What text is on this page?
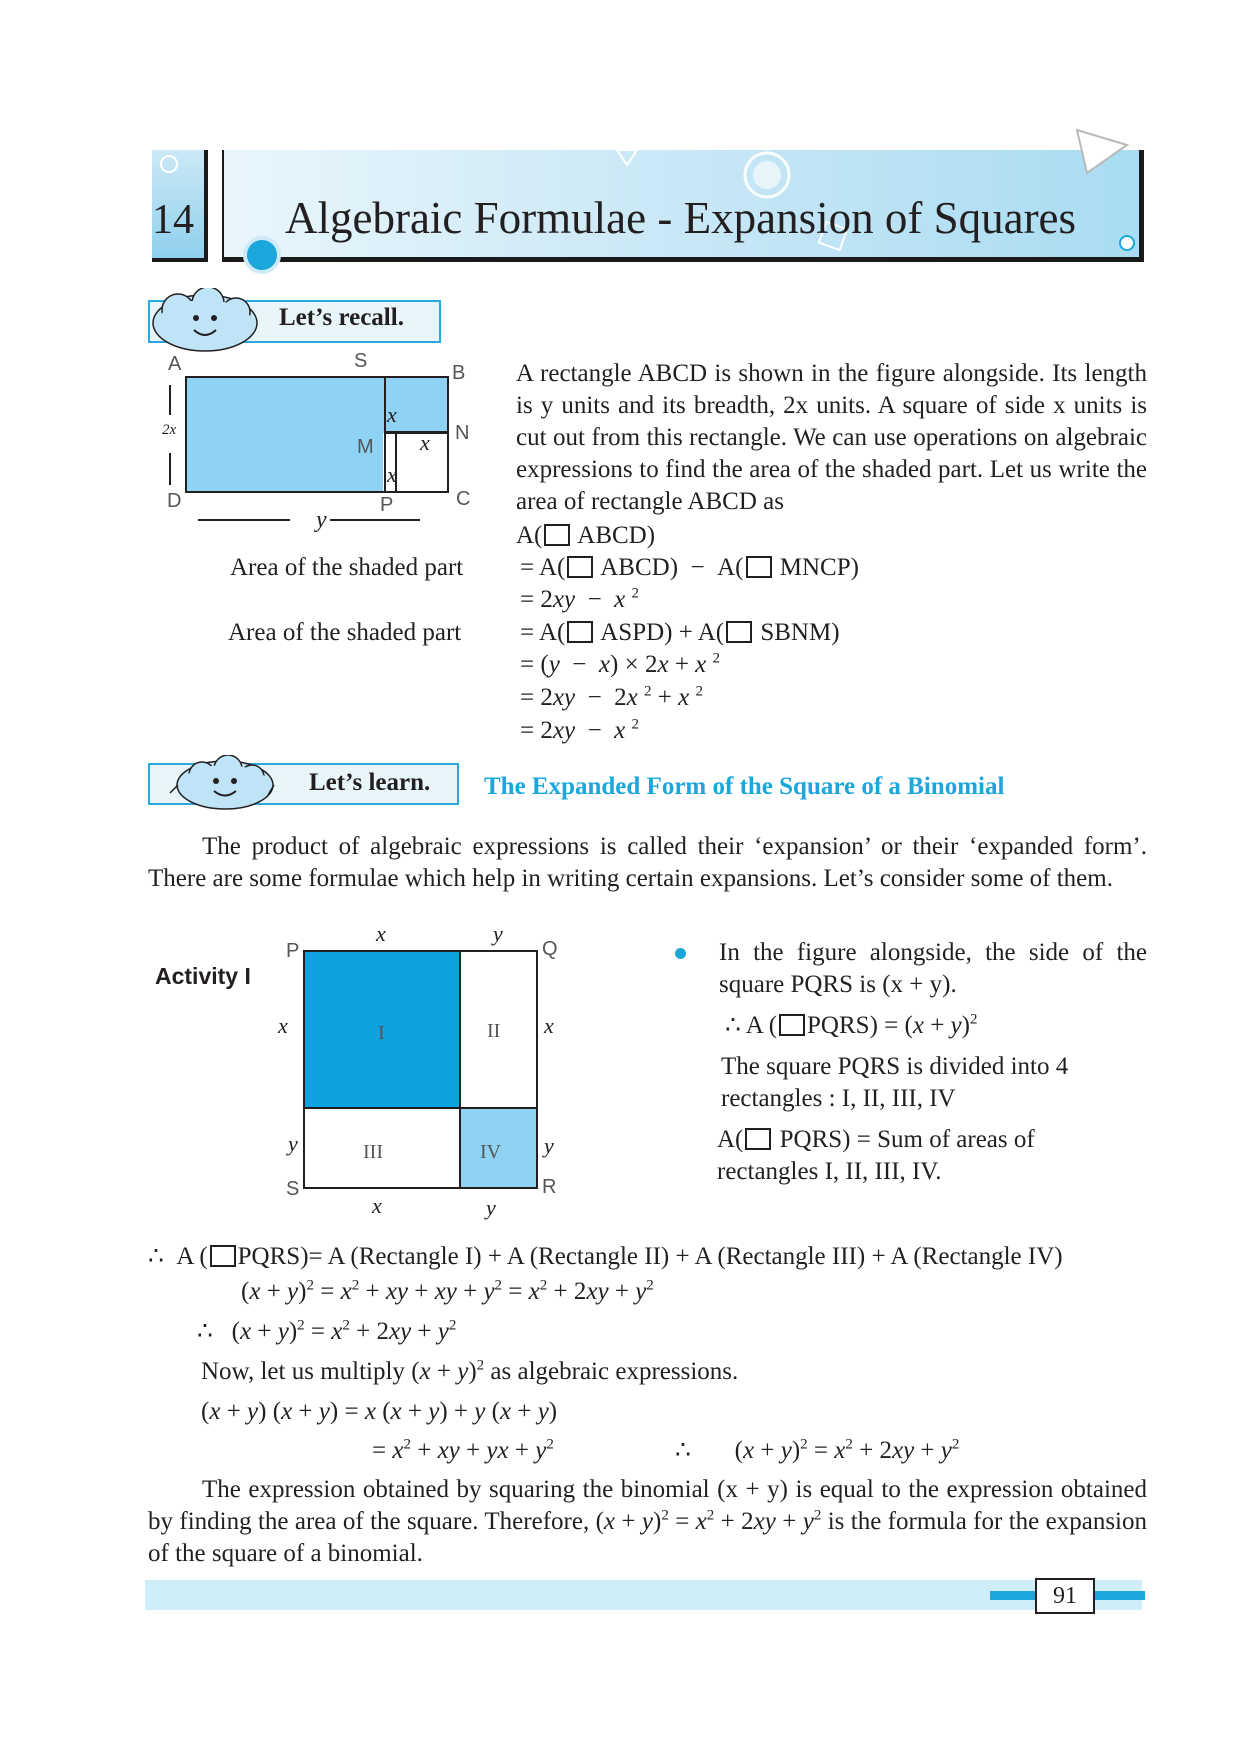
14 Algebraic Formulae - Expansion of Squares
Let’s recall.
A	S
B
D	P	C
M
N
2x
y
x
x
x
A rectangle ABCD is shown in the figure alongside. Its length is y units and its breadth, 2x units. A square of side x units is cut out from this rectangle. We can use operations on algebraic expressions to find the area of the shaded part. Let us write the area of rectangle ABCD as
A( ABCD)
Area of the shaded part = A( ABCD)  −  A( MNCP)
= 2xy  −  x $^2$
Area of the shaded part = A( ASPD) + A( SBNM)
= (y  −  x) × 2x + x $^2$
= 2xy  −  2x $^2$ + x $^2$
= 2xy  −  x $^2$
Let’s learn. The Expanded Form of the Square of a Binomial
The product of algebraic expressions is called their ‘expansion’ or their ‘expanded form’. There are some formulae which help in writing certain expansions. Let’s consider some of them.
Activity I
P	Q
S	R
I	II
III	IV
x	y
x	x
y	y
x	y
In the figure alongside, the side of the square PQRS is (x + y).
∴ A ( PQRS) = $(x + y)^2$
The square PQRS is divided into 4 rectangles : I, II, III, IV
A( PQRS) = Sum of areas of rectangles I, II, III, IV.
∴  A ( PQRS)= A (Rectangle I) + A (Rectangle II) + A (Rectangle III) + A (Rectangle IV)
$(x + y)^2 = x^2$ + xy + xy + $y^2 = x^2 + 2xy + y^2$
∴   $(x + y)^2 = x^2 + 2xy + y^2$
Now, let us multiply $(x + y)^2$ as algebraic expressions.
(x + y) (x + y) = x (x + y) + y (x + y)
= $x^2$ + xy + yx + $y^2$	∴       $(x + y)^2 = x^2 + 2xy + y^2$
The expression obtained by squaring the binomial (x + y) is equal to the expression obtained by finding the area of the square. Therefore, $(x + y)^2 = x^2 + 2xy + y^2$ is the formula for the expansion of the square of a binomial.
91
